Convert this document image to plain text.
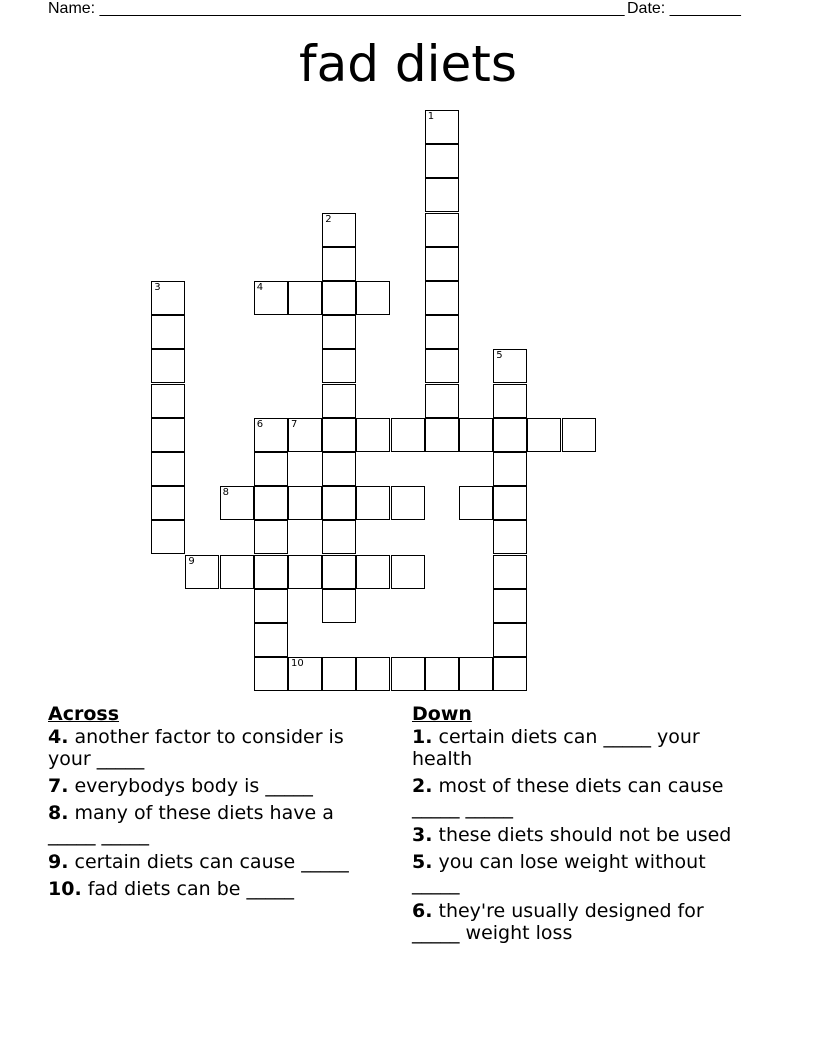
Name: ___________________________________________________________ Date: ________
fad diets
1
2
3	4
5
6	7
8
9
10
Across
4. another factor to consider is your _____
7. everybodys body is _____
8. many of these diets have a _____ _____
9. certain diets can cause _____
10. fad diets can be _____
Down
1. certain diets can _____ your health
2. most of these diets can cause _____ _____
3. these diets should not be used
5. you can lose weight without _____
6. they're usually designed for _____ weight loss
